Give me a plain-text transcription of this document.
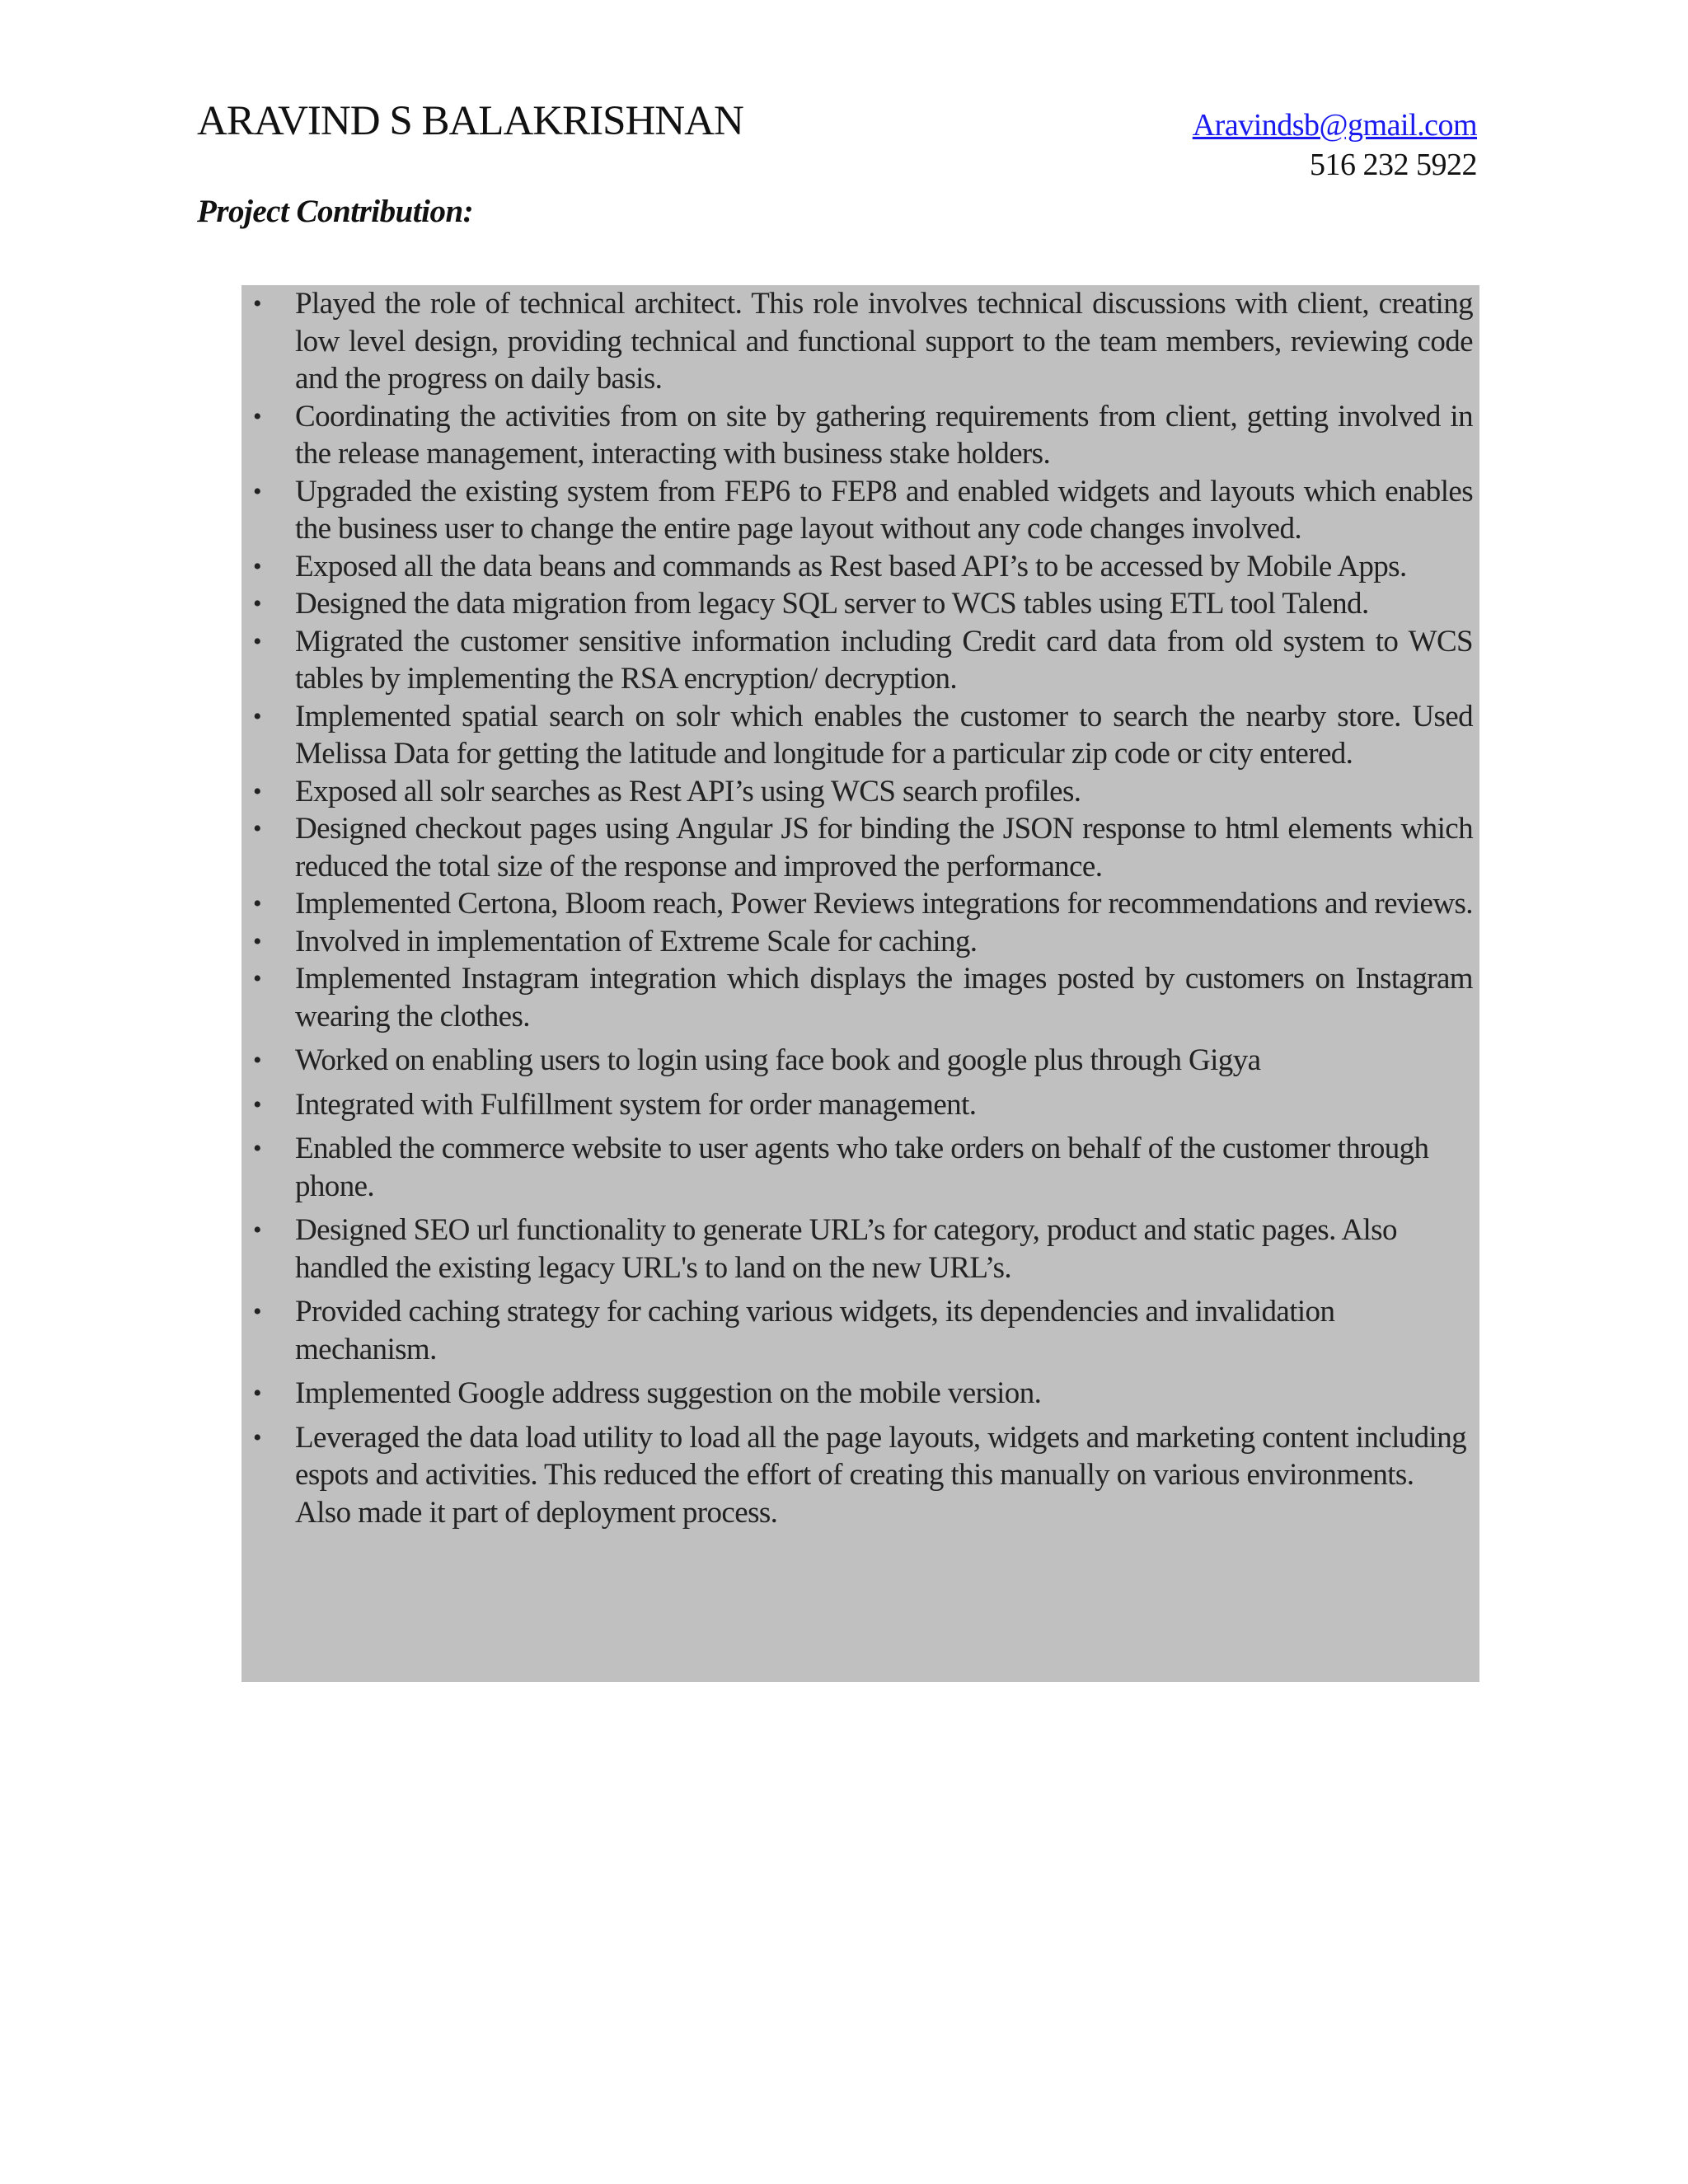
ARAVIND S BALAKRISHNAN	Aravindsb@gmail.com
516 232 5922
Project Contribution:
• Played the role of technical architect. This role involves technical discussions with client, creating low level design, providing technical and functional support to the team members, reviewing code and the progress on daily basis.
• Coordinating the activities from on site by gathering requirements from client, getting involved in the release management, interacting with business stake holders.
• Upgraded the existing system from FEP6 to FEP8 and enabled widgets and layouts which enables the business user to change the entire page layout without any code changes involved.
• Exposed all the data beans and commands as Rest based API’s to be accessed by Mobile Apps.
• Designed the data migration from legacy SQL server to WCS tables using ETL tool Talend.
• Migrated the customer sensitive information including Credit card data from old system to WCS tables by implementing the RSA encryption/ decryption.
• Implemented spatial search on solr which enables the customer to search the nearby store. Used Melissa Data for getting the latitude and longitude for a particular zip code or city entered.
• Exposed all solr searches as Rest API’s using WCS search profiles.
• Designed checkout pages using Angular JS for binding the JSON response to html elements which reduced the total size of the response and improved the performance.
• Implemented Certona, Bloom reach, Power Reviews integrations for recommendations and reviews.
• Involved in implementation of Extreme Scale for caching.
• Implemented Instagram integration which displays the images posted by customers on Instagram wearing the clothes.
• Worked on enabling users to login using face book and google plus through Gigya
• Integrated with Fulfillment system for order management.
• Enabled the commerce website to user agents who take orders on behalf of the customer through phone.
• Designed SEO url functionality to generate URL’s for category, product and static pages. Also handled the existing legacy URL's to land on the new URL’s.
• Provided caching strategy for caching various widgets, its dependencies and invalidation mechanism.
• Implemented Google address suggestion on the mobile version.
• Leveraged the data load utility to load all the page layouts, widgets and marketing content including espots and activities. This reduced the effort of creating this manually on various environments. Also made it part of deployment process.
